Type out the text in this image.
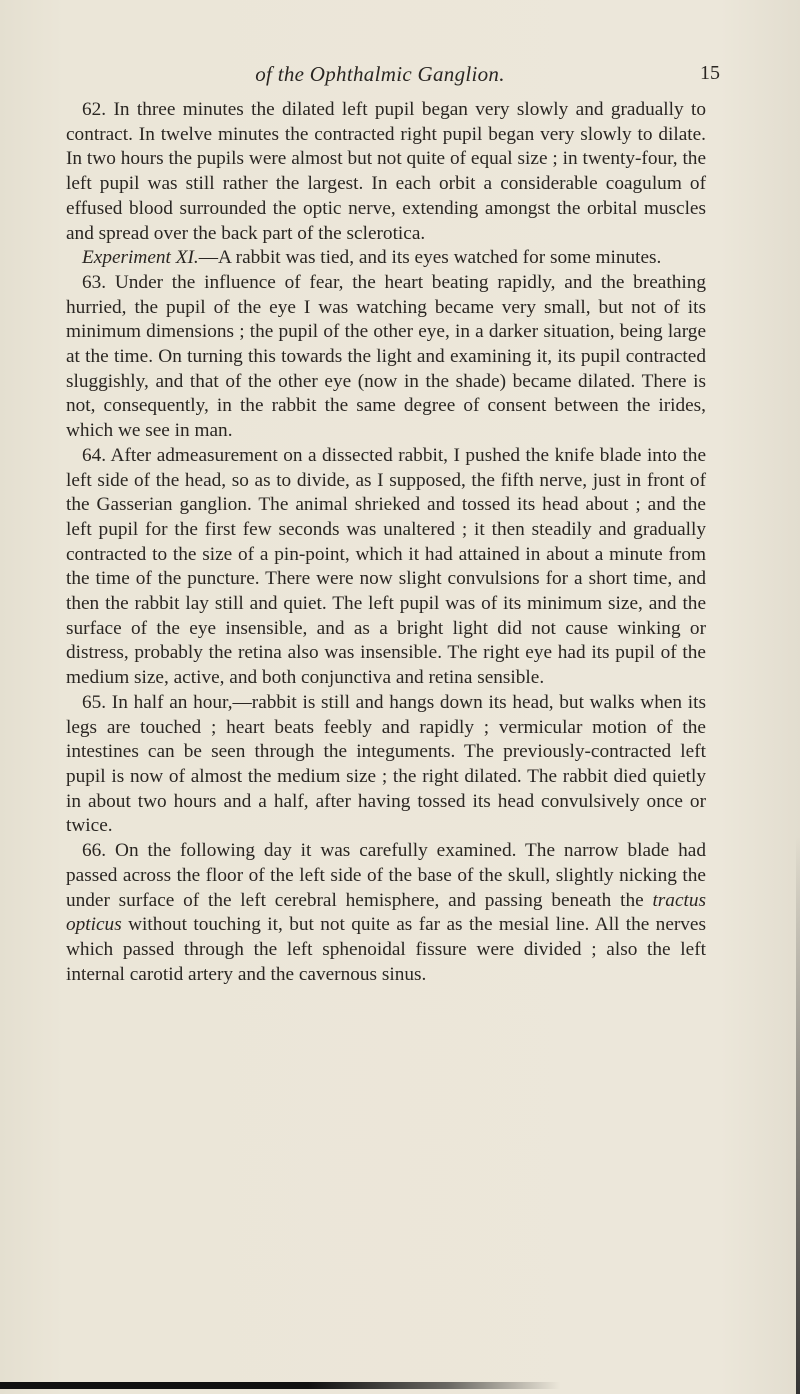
of the Ophthalmic Ganglion.	15

62. In three minutes the dilated left pupil began very slowly and gradually to contract. In twelve minutes the contracted right pupil began very slowly to dilate. In two hours the pupils were almost but not quite of equal size ; in twenty-four, the left pupil was still rather the largest. In each orbit a considerable coagulum of effused blood surrounded the optic nerve, extending amongst the orbital muscles and spread over the back part of the sclerotica.

Experiment XI.—A rabbit was tied, and its eyes watched for some minutes.

63. Under the influence of fear, the heart beating rapidly, and the breathing hurried, the pupil of the eye I was watching became very small, but not of its minimum dimensions ; the pupil of the other eye, in a darker situation, being large at the time. On turning this towards the light and examining it, its pupil contracted sluggishly, and that of the other eye (now in the shade) became dilated. There is not, consequently, in the rabbit the same degree of consent between the irides, which we see in man.

64. After admeasurement on a dissected rabbit, I pushed the knife blade into the left side of the head, so as to divide, as I supposed, the fifth nerve, just in front of the Gasserian ganglion. The animal shrieked and tossed its head about ; and the left pupil for the first few seconds was unaltered ; it then steadily and gradually contracted to the size of a pin-point, which it had attained in about a minute from the time of the puncture. There were now slight convulsions for a short time, and then the rabbit lay still and quiet. The left pupil was of its minimum size, and the surface of the eye insensible, and as a bright light did not cause winking or distress, probably the retina also was insensible. The right eye had its pupil of the medium size, active, and both conjunctiva and retina sensible.

65. In half an hour,—rabbit is still and hangs down its head, but walks when its legs are touched ; heart beats feebly and rapidly ; vermicular motion of the intestines can be seen through the integuments. The previously-contracted left pupil is now of almost the medium size ; the right dilated. The rabbit died quietly in about two hours and a half, after having tossed its head convulsively once or twice.

66. On the following day it was carefully examined. The narrow blade had passed across the floor of the left side of the base of the skull, slightly nicking the under surface of the left cerebral hemisphere, and passing beneath the tractus opticus without touching it, but not quite as far as the mesial line. All the nerves which passed through the left sphenoidal fissure were divided ; also the left internal carotid artery and the cavernous sinus.
